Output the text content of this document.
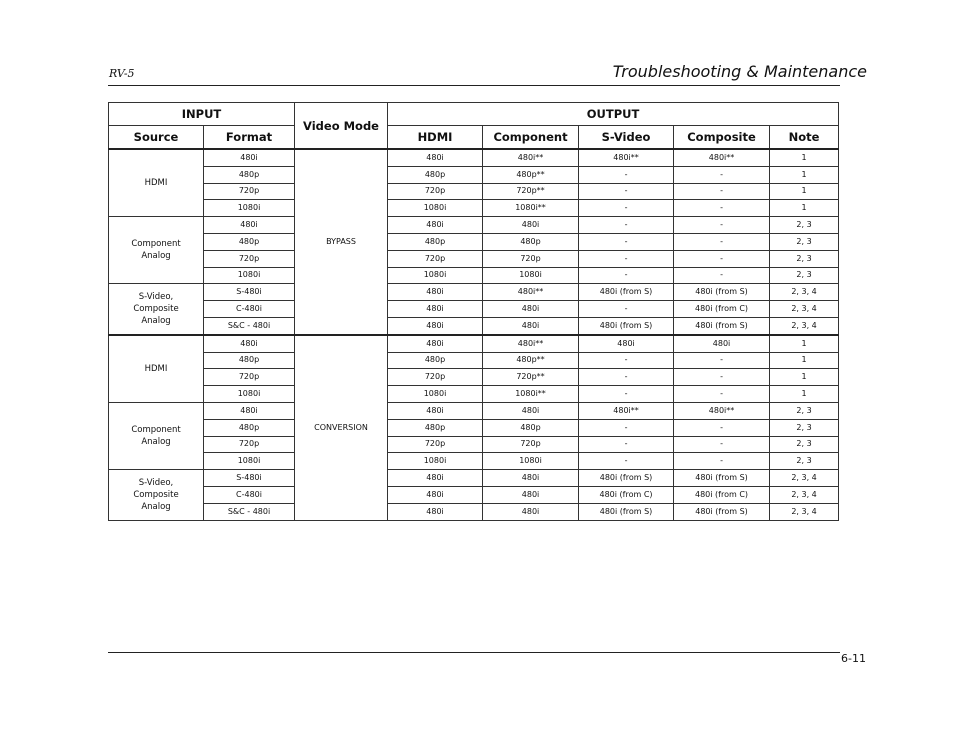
RV-5	Troubleshooting & Maintenance
INPUT		Video Mode	OUTPUT				
Source	Format		HDMI	Component	S-Video	Composite	Note
HDMI	480i	BYPASS	480i	480i**	480i**	480i**	1
	480p		480p	480p**	-	-	1
	720p		720p	720p**	-	-	1
	1080i		1080i	1080i**	-	-	1
Component
Analog	480i		480i	480i	-	-	2, 3
	480p		480p	480p	-	-	2, 3
	720p		720p	720p	-	-	2, 3
	1080i		1080i	1080i	-	-	2, 3
S-Video,
Composite
Analog	S-480i		480i	480i**	480i (from S)	480i (from S)	2, 3, 4
	C-480i		480i	480i	-	480i (from C)	2, 3, 4
	S&C - 480i		480i	480i	480i (from S)	480i (from S)	2, 3, 4
HDMI	480i	CONVERSION	480i	480i**	480i	480i	1
	480p		480p	480p**	-	-	1
	720p		720p	720p**	-	-	1
	1080i		1080i	1080i**	-	-	1
Component
Analog	480i		480i	480i	480i**	480i**	2, 3
	480p		480p	480p	-	-	2, 3
	720p		720p	720p	-	-	2, 3
	1080i		1080i	1080i	-	-	2, 3
S-Video,
Composite
Analog	S-480i		480i	480i	480i (from S)	480i (from S)	2, 3, 4
	C-480i		480i	480i	480i (from C)	480i (from C)	2, 3, 4
	S&C - 480i		480i	480i	480i (from S)	480i (from S)	2, 3, 4
6-11
